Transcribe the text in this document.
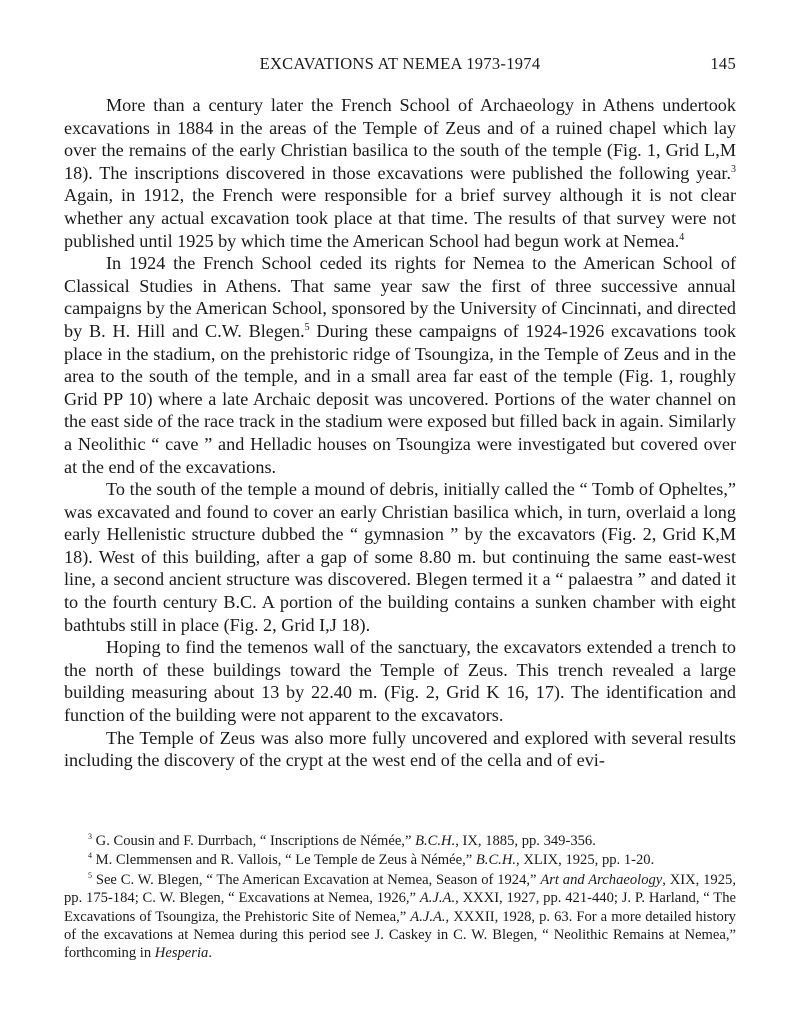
EXCAVATIONS AT NEMEA 1973-1974	145

More than a century later the French School of Archaeology in Athens undertook excavations in 1884 in the areas of the Temple of Zeus and of a ruined chapel which lay over the remains of the early Christian basilica to the south of the temple (Fig. 1, Grid L,M 18). The inscriptions discovered in those excavations were published the following year.$^3$ Again, in 1912, the French were responsible for a brief survey although it is not clear whether any actual excavation took place at that time. The results of that survey were not published until 1925 by which time the American School had begun work at Nemea.$^4$

In 1924 the French School ceded its rights for Nemea to the American School of Classical Studies in Athens. That same year saw the first of three successive annual campaigns by the American School, sponsored by the University of Cincinnati, and directed by B. H. Hill and C.W. Blegen.$^5$ During these campaigns of 1924-1926 excavations took place in the stadium, on the prehistoric ridge of Tsoungiza, in the Temple of Zeus and in the area to the south of the temple, and in a small area far east of the temple (Fig. 1, roughly Grid PP 10) where a late Archaic deposit was uncovered. Portions of the water channel on the east side of the race track in the stadium were exposed but filled back in again. Similarly a Neolithic “ cave ” and Helladic houses on Tsoungiza were investigated but covered over at the end of the excavations.

To the south of the temple a mound of debris, initially called the “ Tomb of Opheltes,” was excavated and found to cover an early Christian basilica which, in turn, overlaid a long early Hellenistic structure dubbed the “ gymnasion ” by the excavators (Fig. 2, Grid K,M 18). West of this building, after a gap of some 8.80 m. but continuing the same east-west line, a second ancient structure was discovered. Blegen termed it a “ palaestra ” and dated it to the fourth century B.C. A portion of the building contains a sunken chamber with eight bathtubs still in place (Fig. 2, Grid I,J 18).

Hoping to find the temenos wall of the sanctuary, the excavators extended a trench to the north of these buildings toward the Temple of Zeus. This trench revealed a large building measuring about 13 by 22.40 m. (Fig. 2, Grid K 16, 17). The identification and function of the building were not apparent to the excavators.

The Temple of Zeus was also more fully uncovered and explored with several results including the discovery of the crypt at the west end of the cella and of evi-

$^3$ G. Cousin and F. Durrbach, “ Inscriptions de Némée,” B.C.H., IX, 1885, pp. 349-356.

$^4$ M. Clemmensen and R. Vallois, “ Le Temple de Zeus à Némée,” B.C.H., XLIX, 1925, pp. 1-20.

$^5$ See C. W. Blegen, “ The American Excavation at Nemea, Season of 1924,” Art and Archaeology, XIX, 1925, pp. 175-184; C. W. Blegen, “ Excavations at Nemea, 1926,” A.J.A., XXXI, 1927, pp. 421-440; J. P. Harland, “ The Excavations of Tsoungiza, the Prehistoric Site of Nemea,” A.J.A., XXXII, 1928, p. 63. For a more detailed history of the excavations at Nemea during this period see J. Caskey in C. W. Blegen, “ Neolithic Remains at Nemea,” forthcoming in Hesperia.
